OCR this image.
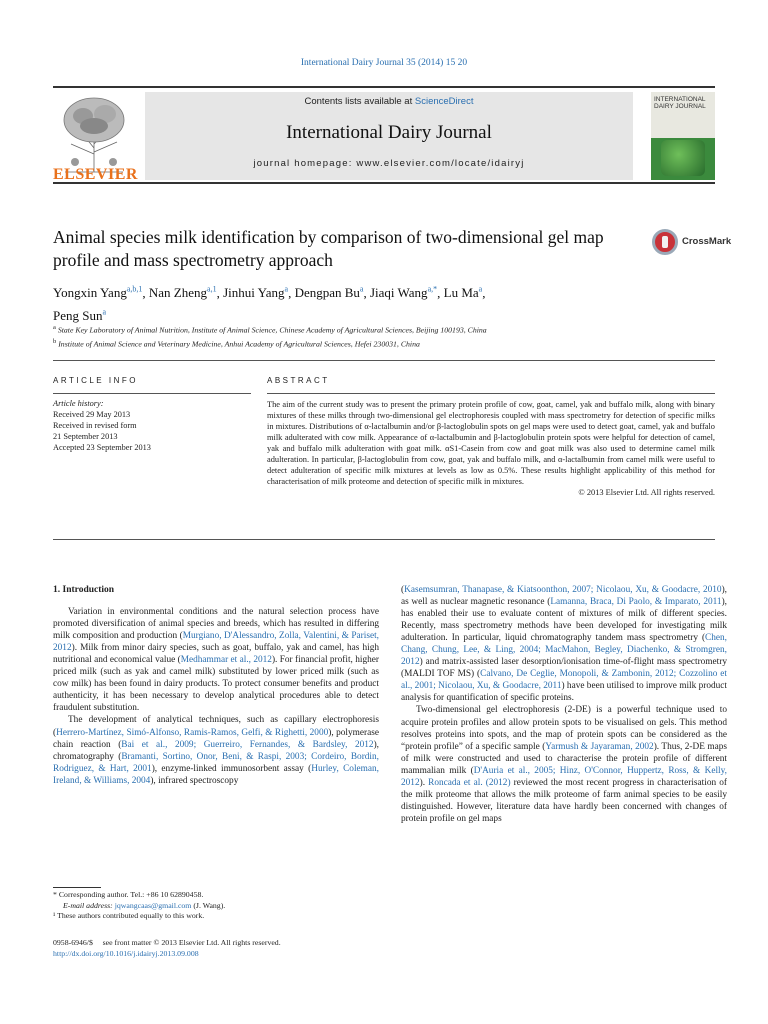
International Dairy Journal 35 (2014) 15 20
Contents lists available at ScienceDirect
International Dairy Journal
journal homepage: www.elsevier.com/locate/idairyj
INTERNATIONAL DAIRY JOURNAL
ELSEVIER
Animal species milk identification by comparison of two-dimensional gel map profile and mass spectrometry approach
CrossMark
Yongxin Yang$^{a,b,1}$, Nan Zheng$^{a,1}$, Jinhui Yang$^a$, Dengpan Bu$^a$, Jiaqi Wang$^{a,*}$, Lu Ma$^a$,
Peng Sun$^a$
$^a$ State Key Laboratory of Animal Nutrition, Institute of Animal Science, Chinese Academy of Agricultural Sciences, Beijing 100193, China
$^b$ Institute of Animal Science and Veterinary Medicine, Anhui Academy of Agricultural Sciences, Hefei 230031, China
ARTICLE INFO
Article history:
Received 29 May 2013
Received in revised form
21 September 2013
Accepted 23 September 2013
ABSTRACT
The aim of the current study was to present the primary protein profile of cow, goat, camel, yak and buffalo milk, along with binary mixtures of these milks through two-dimensional gel electrophoresis coupled with mass spectrometry for detection of specific milks in mixtures. Distributions of α-lactalbumin and/or β-lactoglobulin spots on gel maps were used to detect goat, camel, yak and buffalo milk adulterated with cow milk. Appearance of α-lactalbumin and β-lactoglobulin protein spots were helpful for detection of camel, yak and buffalo milk adulteration with goat milk. αS1-Casein from cow and goat milk was also used to determine camel milk adulteration. In particular, β-lactoglobulin from cow, goat, yak and buffalo milk, and α-lactalbumin from camel milk were useful to detect adulteration of specific milk mixtures at levels as low as 0.5%. These results highlight applicability of this method for characterisation of milk proteome and detection of specific milk in mixtures.
© 2013 Elsevier Ltd. All rights reserved.
1. Introduction

Variation in environmental conditions and the natural selection process have promoted diversification of animal species and breeds, which has resulted in differing milk composition and production (Murgiano, D'Alessandro, Zolla, Valentini, & Pariset, 2012). Milk from minor dairy species, such as goat, buffalo, yak and camel, has high nutritional and economical value (Medhammar et al., 2012). For financial profit, higher priced milk (such as yak and camel milk) substituted by lower priced milk (such as cow milk) has been found in dairy products. To protect consumer benefits and product authenticity, it has been necessary to develop analytical procedures able to detect fraudulent substitution.

The development of analytical techniques, such as capillary electrophoresis (Herrero-Martínez, Simó-Alfonso, Ramis-Ramos, Gelfi, & Righetti, 2000), polymerase chain reaction (Bai et al., 2009; Guerreiro, Fernandes, & Bardsley, 2012), chromatography (Bramanti, Sortino, Onor, Beni, & Raspi, 2003; Cordeiro, Bordin, Rodriguez, & Hart, 2001), enzyme-linked immunosorbent assay (Hurley, Coleman, Ireland, & Williams, 2004), infrared spectroscopy

(Kasemsumran, Thanapase, & Kiatsoonthon, 2007; Nicolaou, Xu, & Goodacre, 2010), as well as nuclear magnetic resonance (Lamanna, Braca, Di Paolo, & Imparato, 2011), has enabled their use to evaluate content of mixtures of milk of different species. Recently, mass spectrometry methods have been developed for investigating milk adulteration. In particular, liquid chromatography tandem mass spectrometry (Chen, Chang, Chung, Lee, & Ling, 2004; MacMahon, Begley, Diachenko, & Stromgren, 2012) and matrix-assisted laser desorption/ionisation time-of-flight mass spectrometry (MALDI TOF MS) (Calvano, De Ceglie, Monopoli, & Zambonin, 2012; Cozzolino et al., 2001; Nicolaou, Xu, & Goodacre, 2011) have been utilised to improve milk product analysis for quantification of specific proteins.

Two-dimensional gel electrophoresis (2-DE) is a powerful technique used to acquire protein profiles and allow protein spots to be visualised on gels. This method resolves proteins into spots, and the map of protein spots can be considered as the “protein profile” of a specific sample (Yarmush & Jayaraman, 2002). Thus, 2-DE maps of milk were constructed and used to characterise the protein profile of different mammalian milk (D'Auria et al., 2005; Hinz, O'Connor, Huppertz, Ross, & Kelly, 2012). Roncada et al. (2012) reviewed the most recent progress in characterisation of the milk proteome that allows the milk proteome of farm animal species to be easily distinguished. However, literature data have hardly been concerned with changes of protein profile on gel maps

* Corresponding author. Tel.: +86 10 62890458.
E-mail address: jqwangcaas@gmail.com (J. Wang).
¹ These authors contributed equally to this work.
0958-6946/$     see front matter © 2013 Elsevier Ltd. All rights reserved.
http://dx.doi.org/10.1016/j.idairyj.2013.09.008
